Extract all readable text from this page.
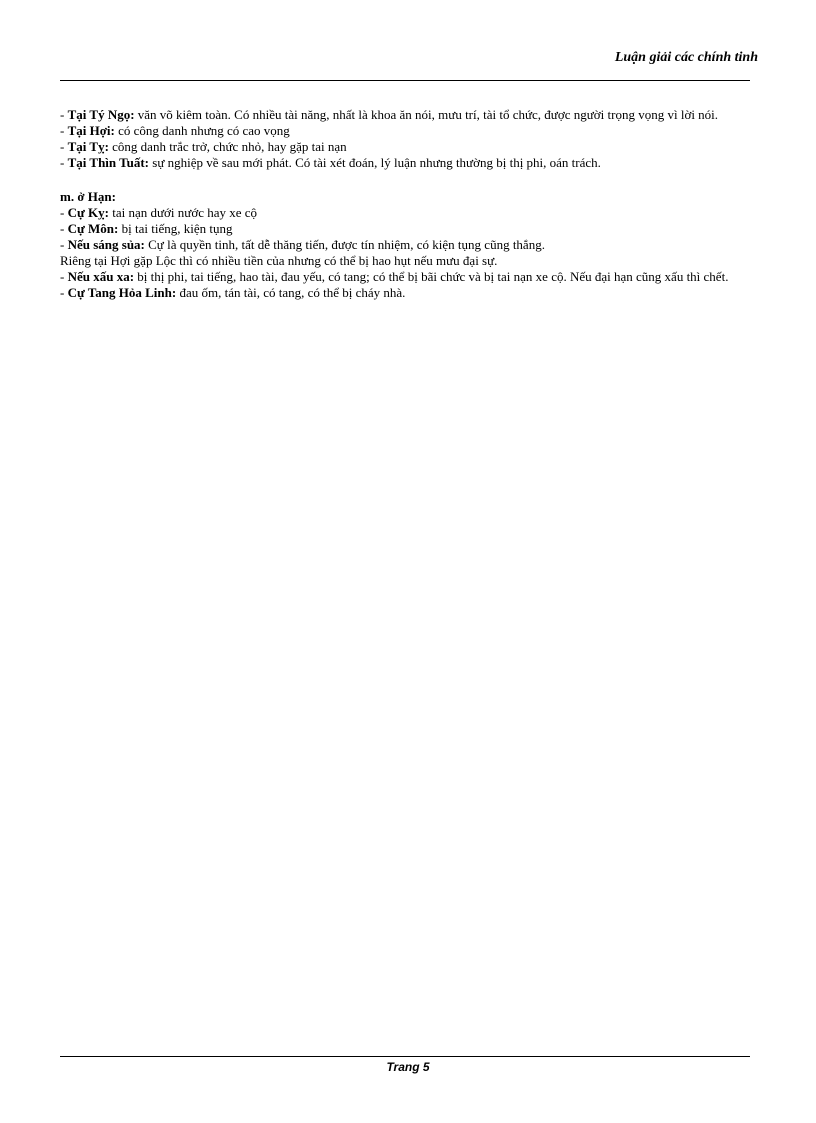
Luận giải các chính tinh

- Tại Tý Ngọ: văn võ kiêm toàn. Có nhiều tài năng, nhất là khoa ăn nói, mưu trí, tài tổ chức, được người trọng vọng vì lời nói.

- Tại Hợi: có công danh nhưng có cao vọng

- Tại Tỵ: công danh trắc trở, chức nhỏ, hay gặp tai nạn

- Tại Thìn Tuất: sự nghiệp về sau mới phát. Có tài xét đoán, lý luận nhưng thường bị thị phi, oán trách.

m. ở Hạn:

- Cự Kỵ: tai nạn dưới nước hay xe cộ

- Cự Môn: bị tai tiếng, kiện tụng

- Nếu sáng sủa: Cự là quyền tinh, tất dễ thăng tiến, được tín nhiệm, có kiện tụng cũng thắng.

Riêng tại Hợi gặp Lộc thì có nhiều tiền của nhưng có thể bị hao hụt nếu mưu đại sự.

- Nếu xấu xa: bị thị phi, tai tiếng, hao tài, đau yếu, có tang; có thể bị bãi chức và bị tai nạn xe cộ. Nếu đại hạn cũng xấu thì chết.

- Cự Tang Hỏa Linh: đau ốm, tán tài, có tang, có thể bị cháy nhà.

Trang 5
